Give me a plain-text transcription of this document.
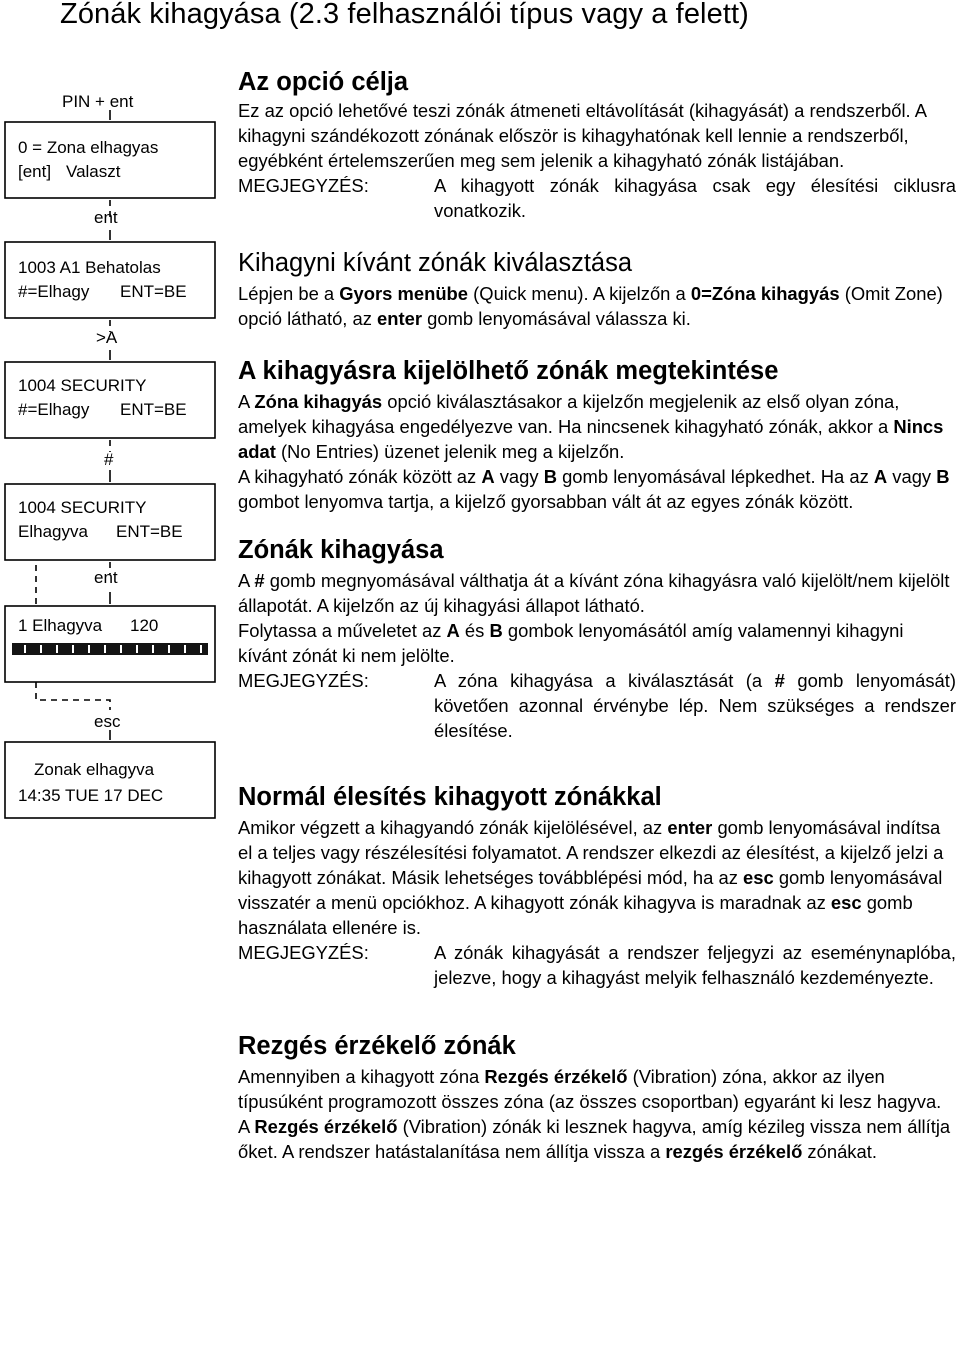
Zónák kihagyása (2.3 felhasználói típus vagy a felett)
PIN + ent
0 = Zona elhagyas
[ent] Valaszt
ent
1003 A1 Behatolas
#=Elhagy ENT=BE
>A
1004 SECURITY
#=Elhagy ENT=BE
#
1004 SECURITY
Elhagyva ENT=BE
ent
1 Elhagyva 120
esc
Zonak elhagyva
14:35 TUE 17 DEC
Az opció célja

Ez az opció lehetővé teszi zónák átmeneti eltávolítását (kihagyását) a rendszerből. A kihagyni szándékozott zónának először is kihagyhatónak kell lennie a rendszerből, egyébként értelemszerűen meg sem jelenik a kihagyható zónák listájában.

MEGJEGYZÉS:	A kihagyott zónák kihagyása csak egy élesítési ciklusra vonatkozik.
Kihagyni kívánt zónák kiválasztása

Lépjen be a Gyors menübe (Quick menu). A kijelzőn a 0=Zóna kihagyás (Omit Zone) opció látható, az enter gomb lenyomásával válassza ki.

A kihagyásra kijelölhető zónák megtekintése

A Zóna kihagyás opció kiválasztásakor a kijelzőn megjelenik az első olyan zóna, amelyek kihagyása engedélyezve van. Ha nincsenek kihagyható zónák, akkor a Nincs adat (No Entries) üzenet jelenik meg a kijelzőn.

A kihagyható zónák között az A vagy B gomb lenyomásával lépkedhet. Ha az A vagy B gombot lenyomva tartja, a kijelző gyorsabban vált át az egyes zónák között.

Zónák kihagyása

A # gomb megnyomásával válthatja át a kívánt zóna kihagyásra való kijelölt/nem kijelölt állapotát. A kijelzőn az új kihagyási állapot látható.

Folytassa a műveletet az A és B gombok lenyomásától amíg valamennyi kihagyni kívánt zónát ki nem jelölte.

MEGJEGYZÉS:	A zóna kihagyása a kiválasztását (a # gomb lenyomását) követően azonnal érvénybe lép. Nem szükséges a rendszer élesítése.
Normál élesítés kihagyott zónákkal

Amikor végzett a kihagyandó zónák kijelölésével, az enter gomb lenyomásával indítsa el a teljes vagy részélesítési folyamatot. A rendszer elkezdi az élesítést, a kijelző jelzi a kihagyott zónákat. Másik lehetséges továbblépési mód, ha az esc gomb lenyomásával visszatér a menü opciókhoz. A kihagyott zónák kihagyva is maradnak az esc gomb használata ellenére is.

MEGJEGYZÉS:	A zónák kihagyását a rendszer feljegyzi az eseménynaplóba, jelezve, hogy a kihagyást melyik felhasználó kezdeményezte.
Rezgés érzékelő zónák

Amennyiben a kihagyott zóna Rezgés érzékelő (Vibration) zóna, akkor az ilyen típusúként programozott összes zóna (az összes csoportban) egyaránt ki lesz hagyva. A Rezgés érzékelő (Vibration) zónák ki lesznek hagyva, amíg kézileg vissza nem állítja őket. A rendszer hatástalanítása nem állítja vissza a rezgés érzékelő zónákat.
